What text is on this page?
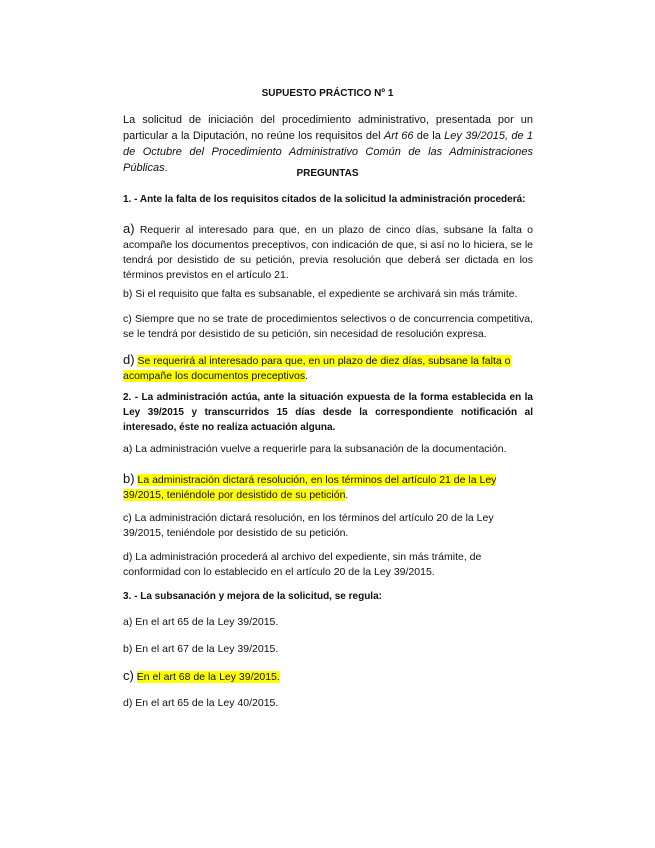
SUPUESTO PRÁCTICO Nº 1
La solicitud de iniciación del procedimiento administrativo, presentada por un particular a la Diputación, no reúne los requisitos del Art 66 de la Ley 39/2015, de 1 de Octubre del Procedimiento Administrativo Común de las Administraciones Públicas.	PREGUNTAS
1. - Ante la falta de los requisitos citados de la solicitud la administración procederá:
a) Requerir al interesado para que, en un plazo de cinco días, subsane la falta o acompañe los documentos preceptivos, con indicación de que, si así no lo hiciera, se le tendrá por desistido de su petición, previa resolución que deberá ser dictada en los términos previstos en el artículo 21.
b) Si el requisito que falta es subsanable, el expediente se archivará sin más trámite.
c) Siempre que no se trate de procedimientos selectivos o de concurrencia competitiva, se le tendrá por desistido de su petición, sin necesidad de resolución expresa.
d) Se requerirá al interesado para que, en un plazo de diez días, subsane la falta o acompañe los documentos preceptivos.
2. - La administración actúa, ante la situación expuesta de la forma establecida en la Ley 39/2015 y transcurridos 15 días desde la correspondiente notificación al interesado, éste no realiza actuación alguna.
a) La administración vuelve a requerirle para la subsanación de la documentación.
b) La administración dictará resolución, en los términos del artículo 21 de la Ley 39/2015, teniéndole por desistido de su petición.
c) La administración dictará resolución, en los términos del artículo 20 de la Ley 39/2015, teniéndole por desistido de su petición.
d) La administración procederá al archivo del expediente, sin más trámite, de conformidad con lo establecido en el artículo 20 de la Ley 39/2015.
3. - La subsanación y mejora de la solicitud, se regula:
a) En el art 65 de la Ley 39/2015.
b) En el art 67 de la Ley 39/2015.
c) En el art 68 de la Ley 39/2015.
d) En el art 65 de la Ley 40/2015.
